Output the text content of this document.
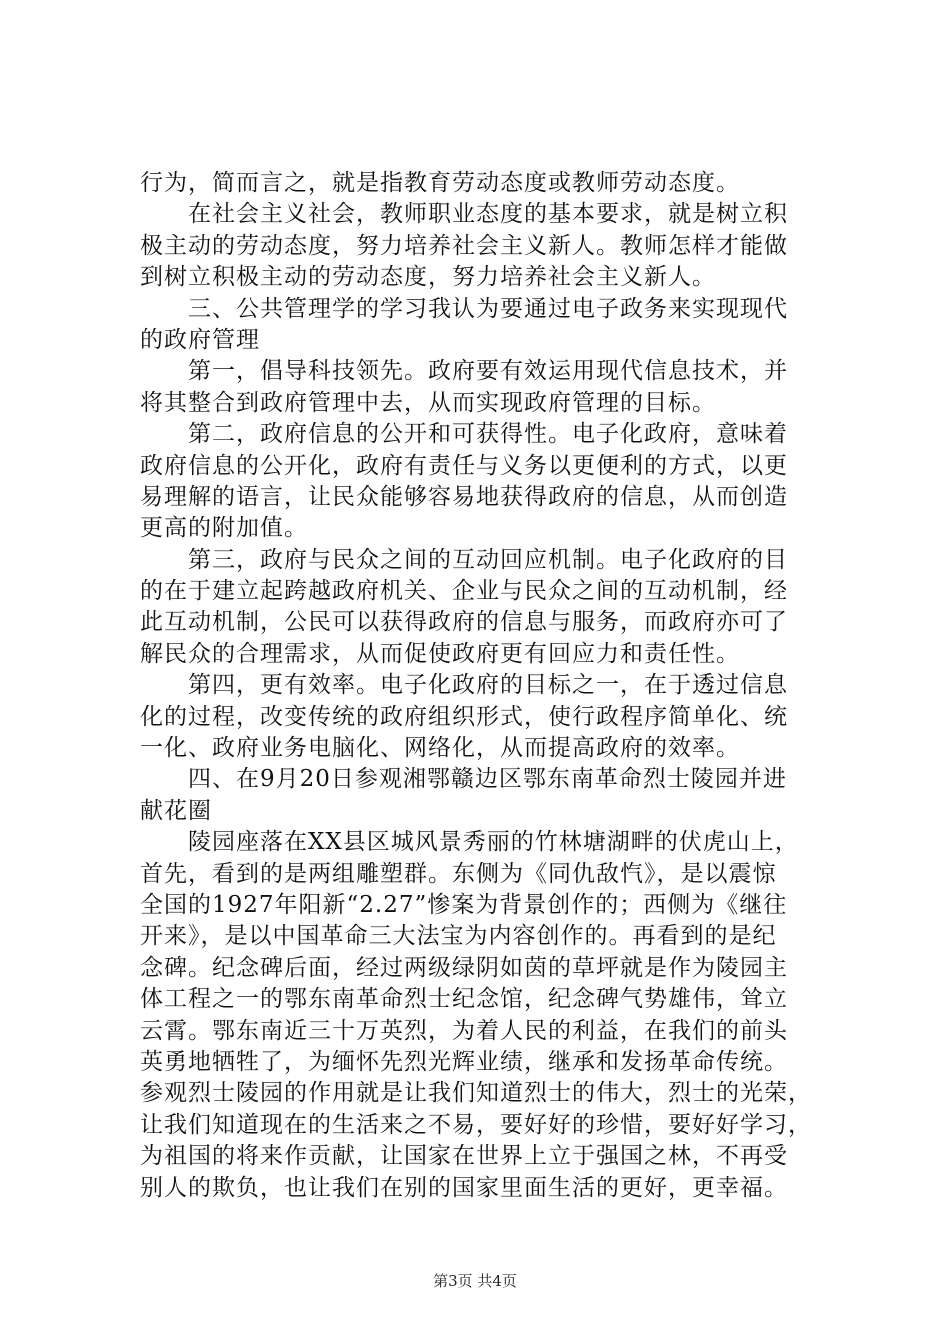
行为，简而言之，就是指教育劳动态度或教师劳动态度。
　　在社会主义社会，教师职业态度的基本要求，就是树立积
极主动的劳动态度，努力培养社会主义新人。教师怎样才能做
到树立积极主动的劳动态度，努力培养社会主义新人。
　　三、公共管理学的学习我认为要通过电子政务来实现现代
的政府管理
　　第一，倡导科技领先。政府要有效运用现代信息技术，并
将其整合到政府管理中去，从而实现政府管理的目标。
　　第二，政府信息的公开和可获得性。电子化政府，意味着
政府信息的公开化，政府有责任与义务以更便利的方式，以更
易理解的语言，让民众能够容易地获得政府的信息，从而创造
更高的附加值。
　　第三，政府与民众之间的互动回应机制。电子化政府的目
的在于建立起跨越政府机关、企业与民众之间的互动机制，经
此互动机制，公民可以获得政府的信息与服务，而政府亦可了
解民众的合理需求，从而促使政府更有回应力和责任性。
　　第四，更有效率。电子化政府的目标之一，在于透过信息
化的过程，改变传统的政府组织形式，使行政程序简单化、统
一化、政府业务电脑化、网络化，从而提高政府的效率。
　　四、在9月20日参观湘鄂赣边区鄂东南革命烈士陵园并进
献花圈
　　陵园座落在XX县区城风景秀丽的竹林塘湖畔的伏虎山上，
首先，看到的是两组雕塑群。东侧为《同仇敌忾》，是以震惊
全国的1927年阳新“2.27”惨案为背景创作的；西侧为《继往
开来》，是以中国革命三大法宝为内容创作的。再看到的是纪
念碑。纪念碑后面，经过两级绿阴如茵的草坪就是作为陵园主
体工程之一的鄂东南革命烈士纪念馆，纪念碑气势雄伟，耸立
云霄。鄂东南近三十万英烈，为着人民的利益，在我们的前头
英勇地牺牲了，为缅怀先烈光辉业绩，继承和发扬革命传统。
参观烈士陵园的作用就是让我们知道烈士的伟大，烈士的光荣，
让我们知道现在的生活来之不易，要好好的珍惜，要好好学习，
为祖国的将来作贡献，让国家在世界上立于强国之林，不再受
别人的欺负，也让我们在别的国家里面生活的更好，更幸福。
第3页 共4页
